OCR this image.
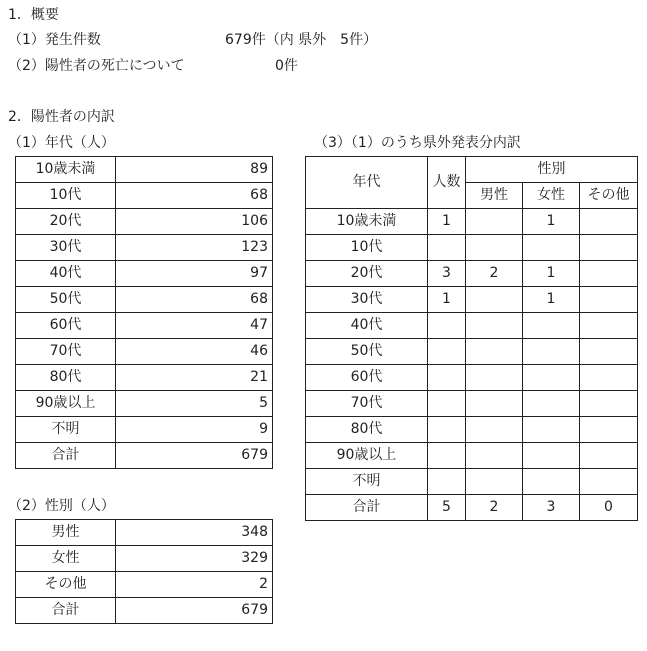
1．概要
（1）発生件数	679件（内 県外　5件）
（2）陽性者の死亡について	0件
2．陽性者の内訳
（1）年代（人）	（3）（1）のうち県外発表分内訳
10歳未満	89
10代	68
20代	106
30代	123
40代	97
50代	68
60代	47
70代	46
80代	21
90歳以上	5
不明	9
合計	679
（2）性別（人）
男性	348
女性	329
その他	2
合計	679
年代	人数	性別		
		男性	女性	その他
10歳未満	1		1	
10代				
20代	3	2	1	
30代	1		1	
40代				
50代				
60代				
70代				
80代				
90歳以上				
不明				
合計	5	2	3	0
